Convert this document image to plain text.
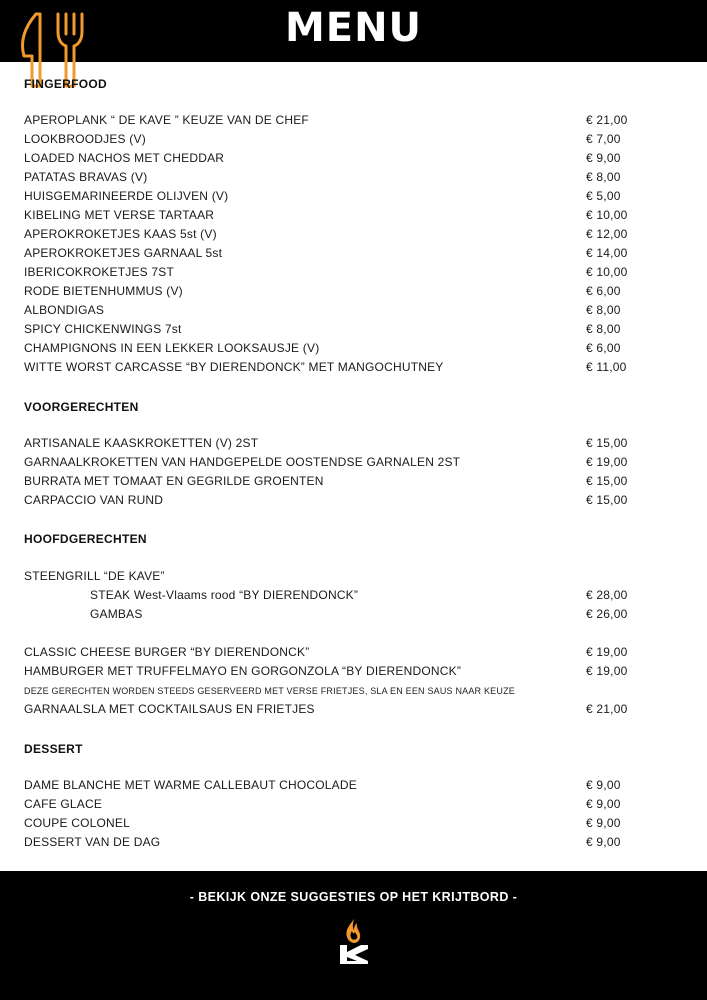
MENU
FINGERFOOD
APEROPLANK “ DE KAVE ” KEUZE VAN DE CHEF	€ 21,00
LOOKBROODJES (V)	€ 7,00
LOADED NACHOS MET CHEDDAR	€ 9,00
PATATAS BRAVAS (V)	€ 8,00
HUISGEMARINEERDE OLIJVEN (V)	€ 5,00
KIBELING MET VERSE TARTAAR	€ 10,00
APEROKROKETJES KAAS 5st (V)	€ 12,00
APEROKROKETJES GARNAAL 5st	€ 14,00
IBERICOKROKETJES 7ST	€ 10,00
RODE BIETENHUMMUS (V)	€ 6,00
ALBONDIGAS	€ 8,00
SPICY CHICKENWINGS 7st	€ 8,00
CHAMPIGNONS IN EEN LEKKER LOOKSAUSJE (V)	€ 6,00
WITTE WORST CARCASSE “BY DIERENDONCK” MET MANGOCHUTNEY	€ 11,00
VOORGERECHTEN
ARTISANALE KAASKROKETTEN (V) 2ST	€ 15,00
GARNAALKROKETTEN VAN HANDGEPELDE OOSTENDSE GARNALEN 2ST	€ 19,00
BURRATA MET TOMAAT EN GEGRILDE GROENTEN	€ 15,00
CARPACCIO VAN RUND	€ 15,00
HOOFDGERECHTEN
STEENGRILL “DE KAVE”
STEAK West-Vlaams rood “BY DIERENDONCK”	€ 28,00
GAMBAS	€ 26,00
CLASSIC CHEESE BURGER “BY DIERENDONCK”	€ 19,00
HAMBURGER MET TRUFFELMAYO EN GORGONZOLA “BY DIERENDONCK”	€ 19,00
DEZE GERECHTEN WORDEN STEEDS GESERVEERD MET VERSE FRIETJES, SLA EN EEN SAUS NAAR KEUZE
GARNAALSLA MET COCKTAILSAUS EN FRIETJES	€ 21,00
DESSERT
DAME BLANCHE MET WARME CALLEBAUT CHOCOLADE	€ 9,00
CAFE GLACE	€ 9,00
COUPE COLONEL	€ 9,00
DESSERT VAN DE DAG	€ 9,00
- BEKIJK ONZE SUGGESTIES OP HET KRIJTBORD -
